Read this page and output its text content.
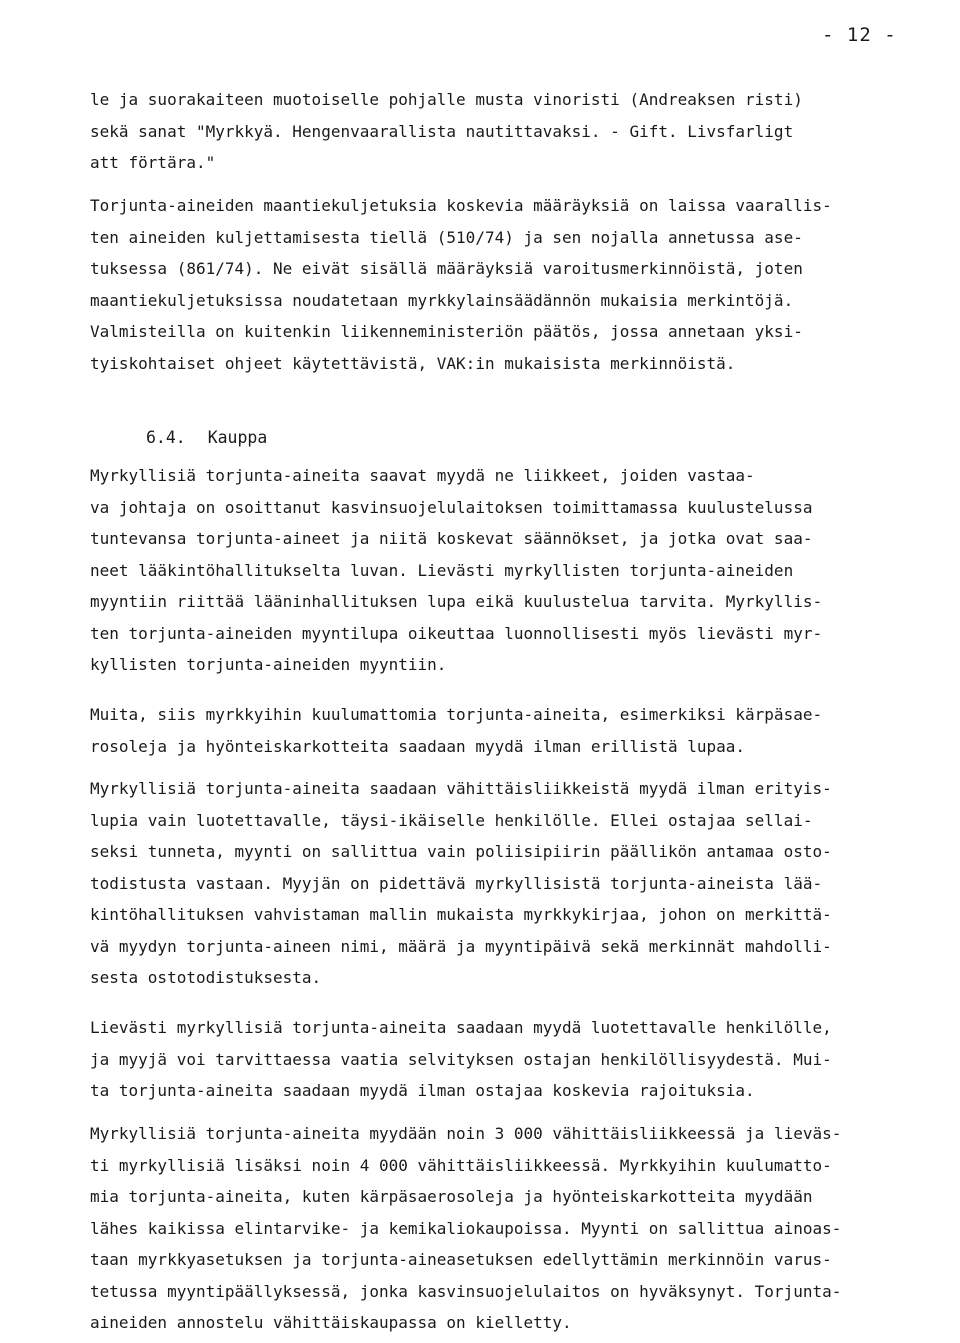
- 12 -
le ja suorakaiteen muotoiselle pohjalle musta vinoristi (Andreaksen risti)
sekä sanat "Myrkkyä. Hengenvaarallista nautittavaksi. - Gift. Livsfarligt
att förtära."
Torjunta-aineiden maantiekuljetuksia koskevia määräyksiä on laissa vaarallis-
ten aineiden kuljettamisesta tiellä (510/74) ja sen nojalla annetussa ase-
tuksessa (861/74). Ne eivät sisällä määräyksiä varoitusmerkinnöistä, joten
maantiekuljetuksissa noudatetaan myrkkylainsäädännön mukaisia merkintöjä.
Valmisteilla on kuitenkin liikenneministeriön päätös, jossa annetaan yksi-
tyiskohtaiset ohjeet käytettävistä, VAK:in mukaisista merkinnöistä.
6.4. Kauppa
Myrkyllisiä torjunta-aineita saavat myydä ne liikkeet, joiden vastaa-
va johtaja on osoittanut kasvinsuojelulaitoksen toimittamassa kuulustelussa
tuntevansa torjunta-aineet ja niitä koskevat säännökset, ja jotka ovat saa-
neet lääkintöhallitukselta luvan. Lievästi myrkyllisten torjunta-aineiden
myyntiin riittää lääninhallituksen lupa eikä kuulustelua tarvita. Myrkyllis-
ten torjunta-aineiden myyntilupa oikeuttaa luonnollisesti myös lievästi myr-
kyllisten torjunta-aineiden myyntiin.
Muita, siis myrkkyihin kuulumattomia torjunta-aineita, esimerkiksi kärpäsae-
rosoleja ja hyönteiskarkotteita saadaan myydä ilman erillistä lupaa.
Myrkyllisiä torjunta-aineita saadaan vähittäisliikkeistä myydä ilman erityis-
lupia vain luotettavalle, täysi-ikäiselle henkilölle. Ellei ostajaa sellai-
seksi tunneta, myynti on sallittua vain poliisipiirin päällikön antamaa osto-
todistusta vastaan. Myyjän on pidettävä myrkyllisistä torjunta-aineista lää-
kintöhallituksen vahvistaman mallin mukaista myrkkykirjaa, johon on merkittä-
vä myydyn torjunta-aineen nimi, määrä ja myyntipäivä sekä merkinnät mahdolli-
sesta ostotodistuksesta.
Lievästi myrkyllisiä torjunta-aineita saadaan myydä luotettavalle henkilölle,
ja myyjä voi tarvittaessa vaatia selvityksen ostajan henkilöllisyydestä. Mui-
ta torjunta-aineita saadaan myydä ilman ostajaa koskevia rajoituksia.
Myrkyllisiä torjunta-aineita myydään noin 3 000 vähittäisliikkeessä ja lieväs-
ti myrkyllisiä lisäksi noin 4 000 vähittäisliikkeessä. Myrkkyihin kuulumatto-
mia torjunta-aineita, kuten kärpäsaerosoleja ja hyönteiskarkotteita myydään
lähes kaikissa elintarvike- ja kemikaliokaupoissa. Myynti on sallittua ainoas-
taan myrkkyasetuksen ja torjunta-aineasetuksen edellyttämin merkinnöin varus-
tetussa myyntipäällyksessä, jonka kasvinsuojelulaitos on hyväksynyt. Torjunta-
aineiden annostelu vähittäiskaupassa on kielletty.
